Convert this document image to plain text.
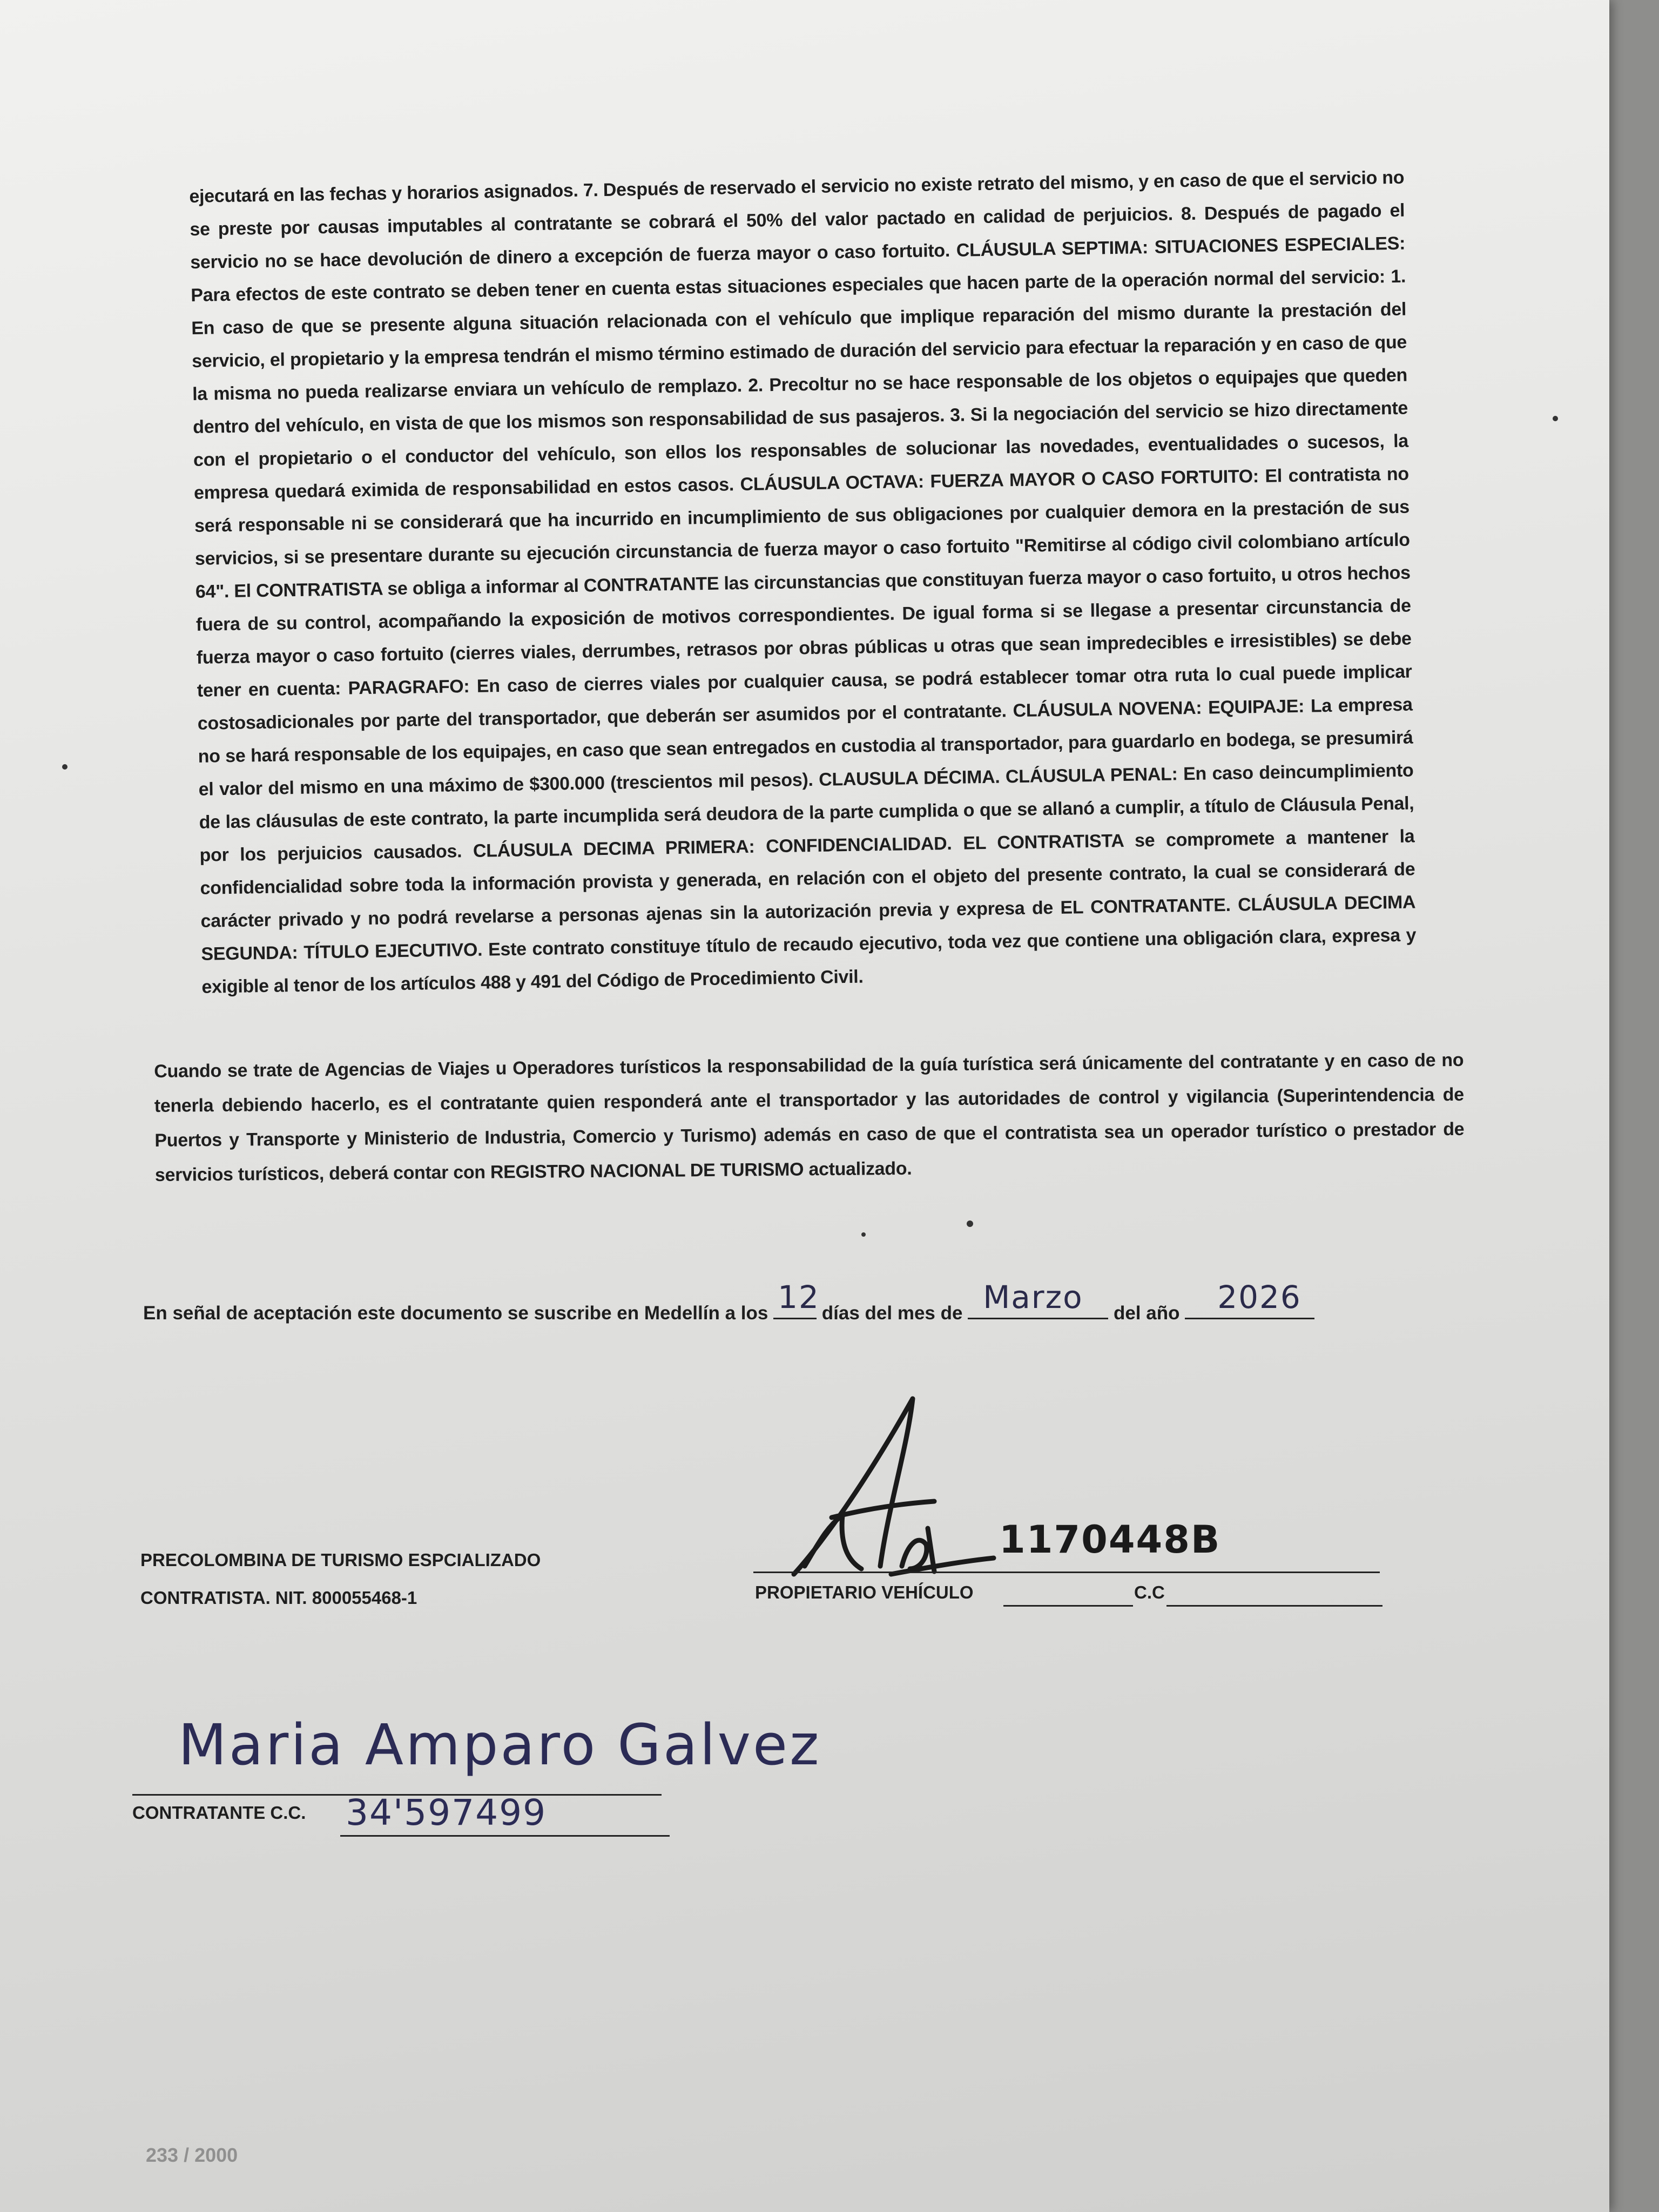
ejecutará en las fechas y horarios asignados. 7. Después de reservado el servicio no existe retrato del mismo, y en caso de que el servicio no se preste por causas imputables al contratante se cobrará el 50% del valor pactado en calidad de perjuicios. 8. Después de pagado el servicio no se hace devolución de dinero a excepción de fuerza mayor o caso fortuito. CLÁUSULA SEPTIMA: SITUACIONES ESPECIALES: Para efectos de este contrato se deben tener en cuenta estas situaciones especiales que hacen parte de la operación normal del servicio: 1. En caso de que se presente alguna situación relacionada con el vehículo que implique reparación del mismo durante la prestación del servicio, el propietario y la empresa tendrán el mismo término estimado de duración del servicio para efectuar la reparación y en caso de que la misma no pueda realizarse enviara un vehículo de remplazo. 2. Precoltur no se hace responsable de los objetos o equipajes que queden dentro del vehículo, en vista de que los mismos son responsabilidad de sus pasajeros. 3. Si la negociación del servicio se hizo directamente con el propietario o el conductor del vehículo, son ellos los responsables de solucionar las novedades, eventualidades o sucesos, la empresa quedará eximida de responsabilidad en estos casos. CLÁUSULA OCTAVA: FUERZA MAYOR O CASO FORTUITO: El contratista no será responsable ni se considerará que ha incurrido en incumplimiento de sus obligaciones por cualquier demora en la prestación de sus servicios, si se presentare durante su ejecución circunstancia de fuerza mayor o caso fortuito "Remitirse al código civil colombiano artículo 64". El CONTRATISTA se obliga a informar al CONTRATANTE las circunstancias que constituyan fuerza mayor o caso fortuito, u otros hechos fuera de su control, acompañando la exposición de motivos correspondientes. De igual forma si se llegase a presentar circunstancia de fuerza mayor o caso fortuito (cierres viales, derrumbes, retrasos por obras públicas u otras que sean impredecibles e irresistibles) se debe tener en cuenta: PARAGRAFO: En caso de cierres viales por cualquier causa, se podrá establecer tomar otra ruta lo cual puede implicar costosadicionales por parte del transportador, que deberán ser asumidos por el contratante. CLÁUSULA NOVENA: EQUIPAJE: La empresa no se hará responsable de los equipajes, en caso que sean entregados en custodia al transportador, para guardarlo en bodega, se presumirá el valor del mismo en una máximo de $300.000 (trescientos mil pesos). CLAUSULA DÉCIMA. CLÁUSULA PENAL: En caso deincumplimiento de las cláusulas de este contrato, la parte incumplida será deudora de la parte cumplida o que se allanó a cumplir, a título de Cláusula Penal, por los perjuicios causados. CLÁUSULA DECIMA PRIMERA: CONFIDENCIALIDAD. EL CONTRATISTA se compromete a mantener la confidencialidad sobre toda la información provista y generada, en relación con el objeto del presente contrato, la cual se considerará de carácter privado y no podrá revelarse a personas ajenas sin la autorización previa y expresa de EL CONTRATANTE. CLÁUSULA DECIMA SEGUNDA: TÍTULO EJECUTIVO. Este contrato constituye título de recaudo ejecutivo, toda vez que contiene una obligación clara, expresa y exigible al tenor de los artículos 488 y 491 del Código de Procedimiento Civil.

Cuando se trate de Agencias de Viajes u Operadores turísticos la responsabilidad de la guía turística será únicamente del contratante y en caso de no tenerla debiendo hacerlo, es el contratante quien responderá ante el transportador y las autoridades de control y vigilancia (Superintendencia de Puertos y Transporte y Ministerio de Industria, Comercio y Turismo) además en caso de que el contratista sea un operador turístico o prestador de servicios turísticos, deberá contar con REGISTRO NACIONAL DE TURISMO actualizado.

En señal de aceptación este documento se suscribe en Medellín a los 12 días del mes de Marzo del año 2026
PRECOLOMBINA DE TURISMO ESPCIALIZADO
CONTRATISTA. NIT. 800055468-1
1170448B
PROPIETARIO VEHÍCULO	C.C
Maria Amparo Galvez
CONTRATANTE C.C. 34'597499
233 / 2000
